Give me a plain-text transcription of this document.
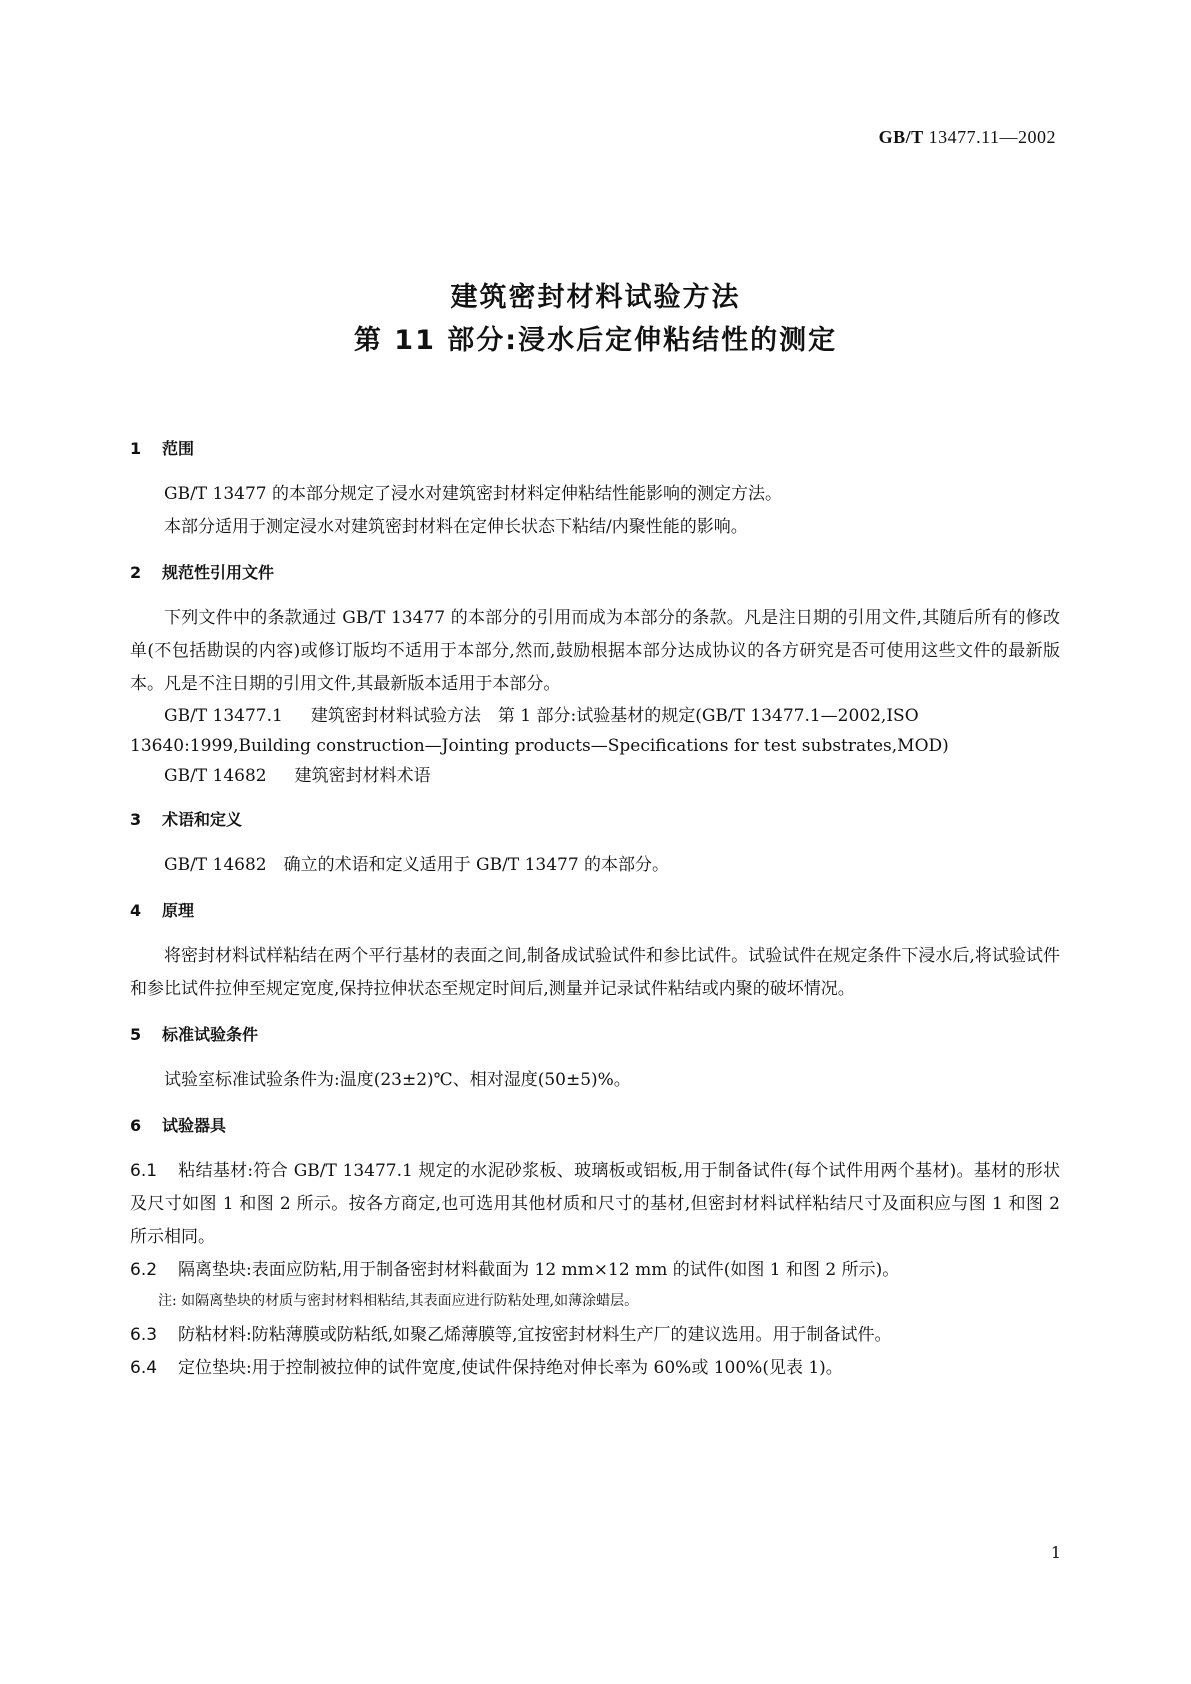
GB/T 13477.11—2002
建筑密封材料试验方法
第 11 部分:浸水后定伸粘结性的测定
1 范围

GB/T 13477 的本部分规定了浸水对建筑密封材料定伸粘结性能影响的测定方法。

本部分适用于测定浸水对建筑密封材料在定伸长状态下粘结/内聚性能的影响。

2 规范性引用文件

下列文件中的条款通过 GB/T 13477 的本部分的引用而成为本部分的条款。凡是注日期的引用文件,其随后所有的修改单(不包括勘误的内容)或修订版均不适用于本部分,然而,鼓励根据本部分达成协议的各方研究是否可使用这些文件的最新版本。凡是不注日期的引用文件,其最新版本适用于本部分。

GB/T 13477.1 建筑密封材料试验方法　第 1 部分:试验基材的规定(GB/T 13477.1—2002,ISO 13640:1999,Building construction—Jointing products—Specifications for test substrates,MOD)

GB/T 14682 建筑密封材料术语

3 术语和定义

GB/T 14682　确立的术语和定义适用于 GB/T 13477 的本部分。

4 原理

将密封材料试样粘结在两个平行基材的表面之间,制备成试验试件和参比试件。试验试件在规定条件下浸水后,将试验试件和参比试件拉伸至规定宽度,保持拉伸状态至规定时间后,测量并记录试件粘结或内聚的破坏情况。

5 标准试验条件

试验室标准试验条件为:温度(23±2)℃、相对湿度(50±5)%。

6 试验器具

6.1 粘结基材:符合 GB/T 13477.1 规定的水泥砂浆板、玻璃板或铝板,用于制备试件(每个试件用两个基材)。基材的形状及尺寸如图 1 和图 2 所示。按各方商定,也可选用其他材质和尺寸的基材,但密封材料试样粘结尺寸及面积应与图 1 和图 2 所示相同。

6.2 隔离垫块:表面应防粘,用于制备密封材料截面为 12 mm×12 mm 的试件(如图 1 和图 2 所示)。

注: 如隔离垫块的材质与密封材料相粘结,其表面应进行防粘处理,如薄涂蜡层。

6.3 防粘材料:防粘薄膜或防粘纸,如聚乙烯薄膜等,宜按密封材料生产厂的建议选用。用于制备试件。

6.4 定位垫块:用于控制被拉伸的试件宽度,使试件保持绝对伸长率为 60%或 100%(见表 1)。

1
